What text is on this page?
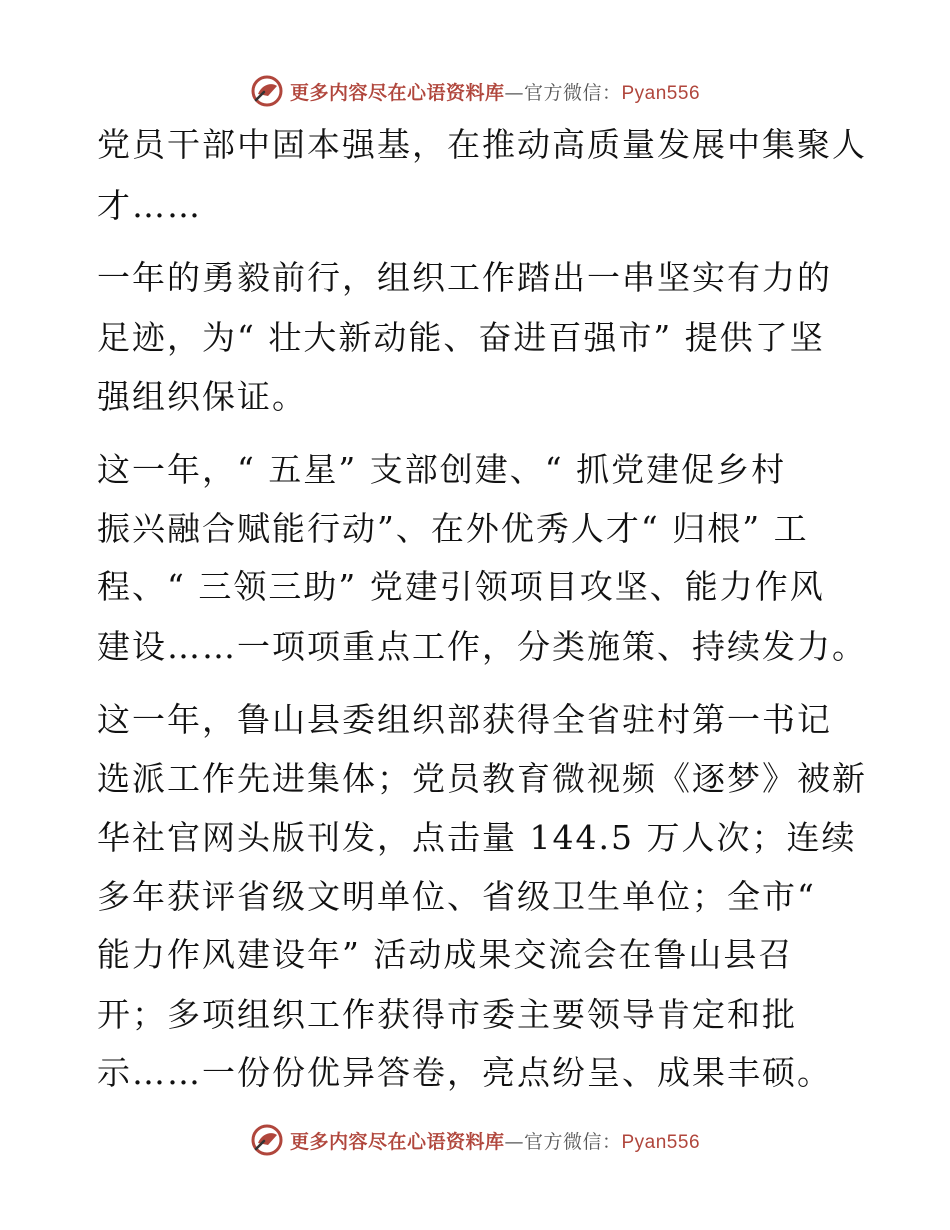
更多内容尽在心语资料库—官方微信：Pyan556
党员干部中固本强基，在推动高质量发展中集聚人
才……
一年的勇毅前行，组织工作踏出一串坚实有力的
足迹，为“ 壮大新动能、奋进百强市” 提供了坚
强组织保证。
这一年，“ 五星” 支部创建、“ 抓党建促乡村
振兴融合赋能行动”、在外优秀人才“ 归根” 工
程、“ 三领三助” 党建引领项目攻坚、能力作风
建设……一项项重点工作，分类施策、持续发力。
这一年，鲁山县委组织部获得全省驻村第一书记
选派工作先进集体；党员教育微视频《逐梦》被新
华社官网头版刊发，点击量 144.5 万人次；连续
多年获评省级文明单位、省级卫生单位；全市“
能力作风建设年” 活动成果交流会在鲁山县召
开；多项组织工作获得市委主要领导肯定和批
示……一份份优异答卷，亮点纷呈、成果丰硕。
更多内容尽在心语资料库—官方微信：Pyan556
